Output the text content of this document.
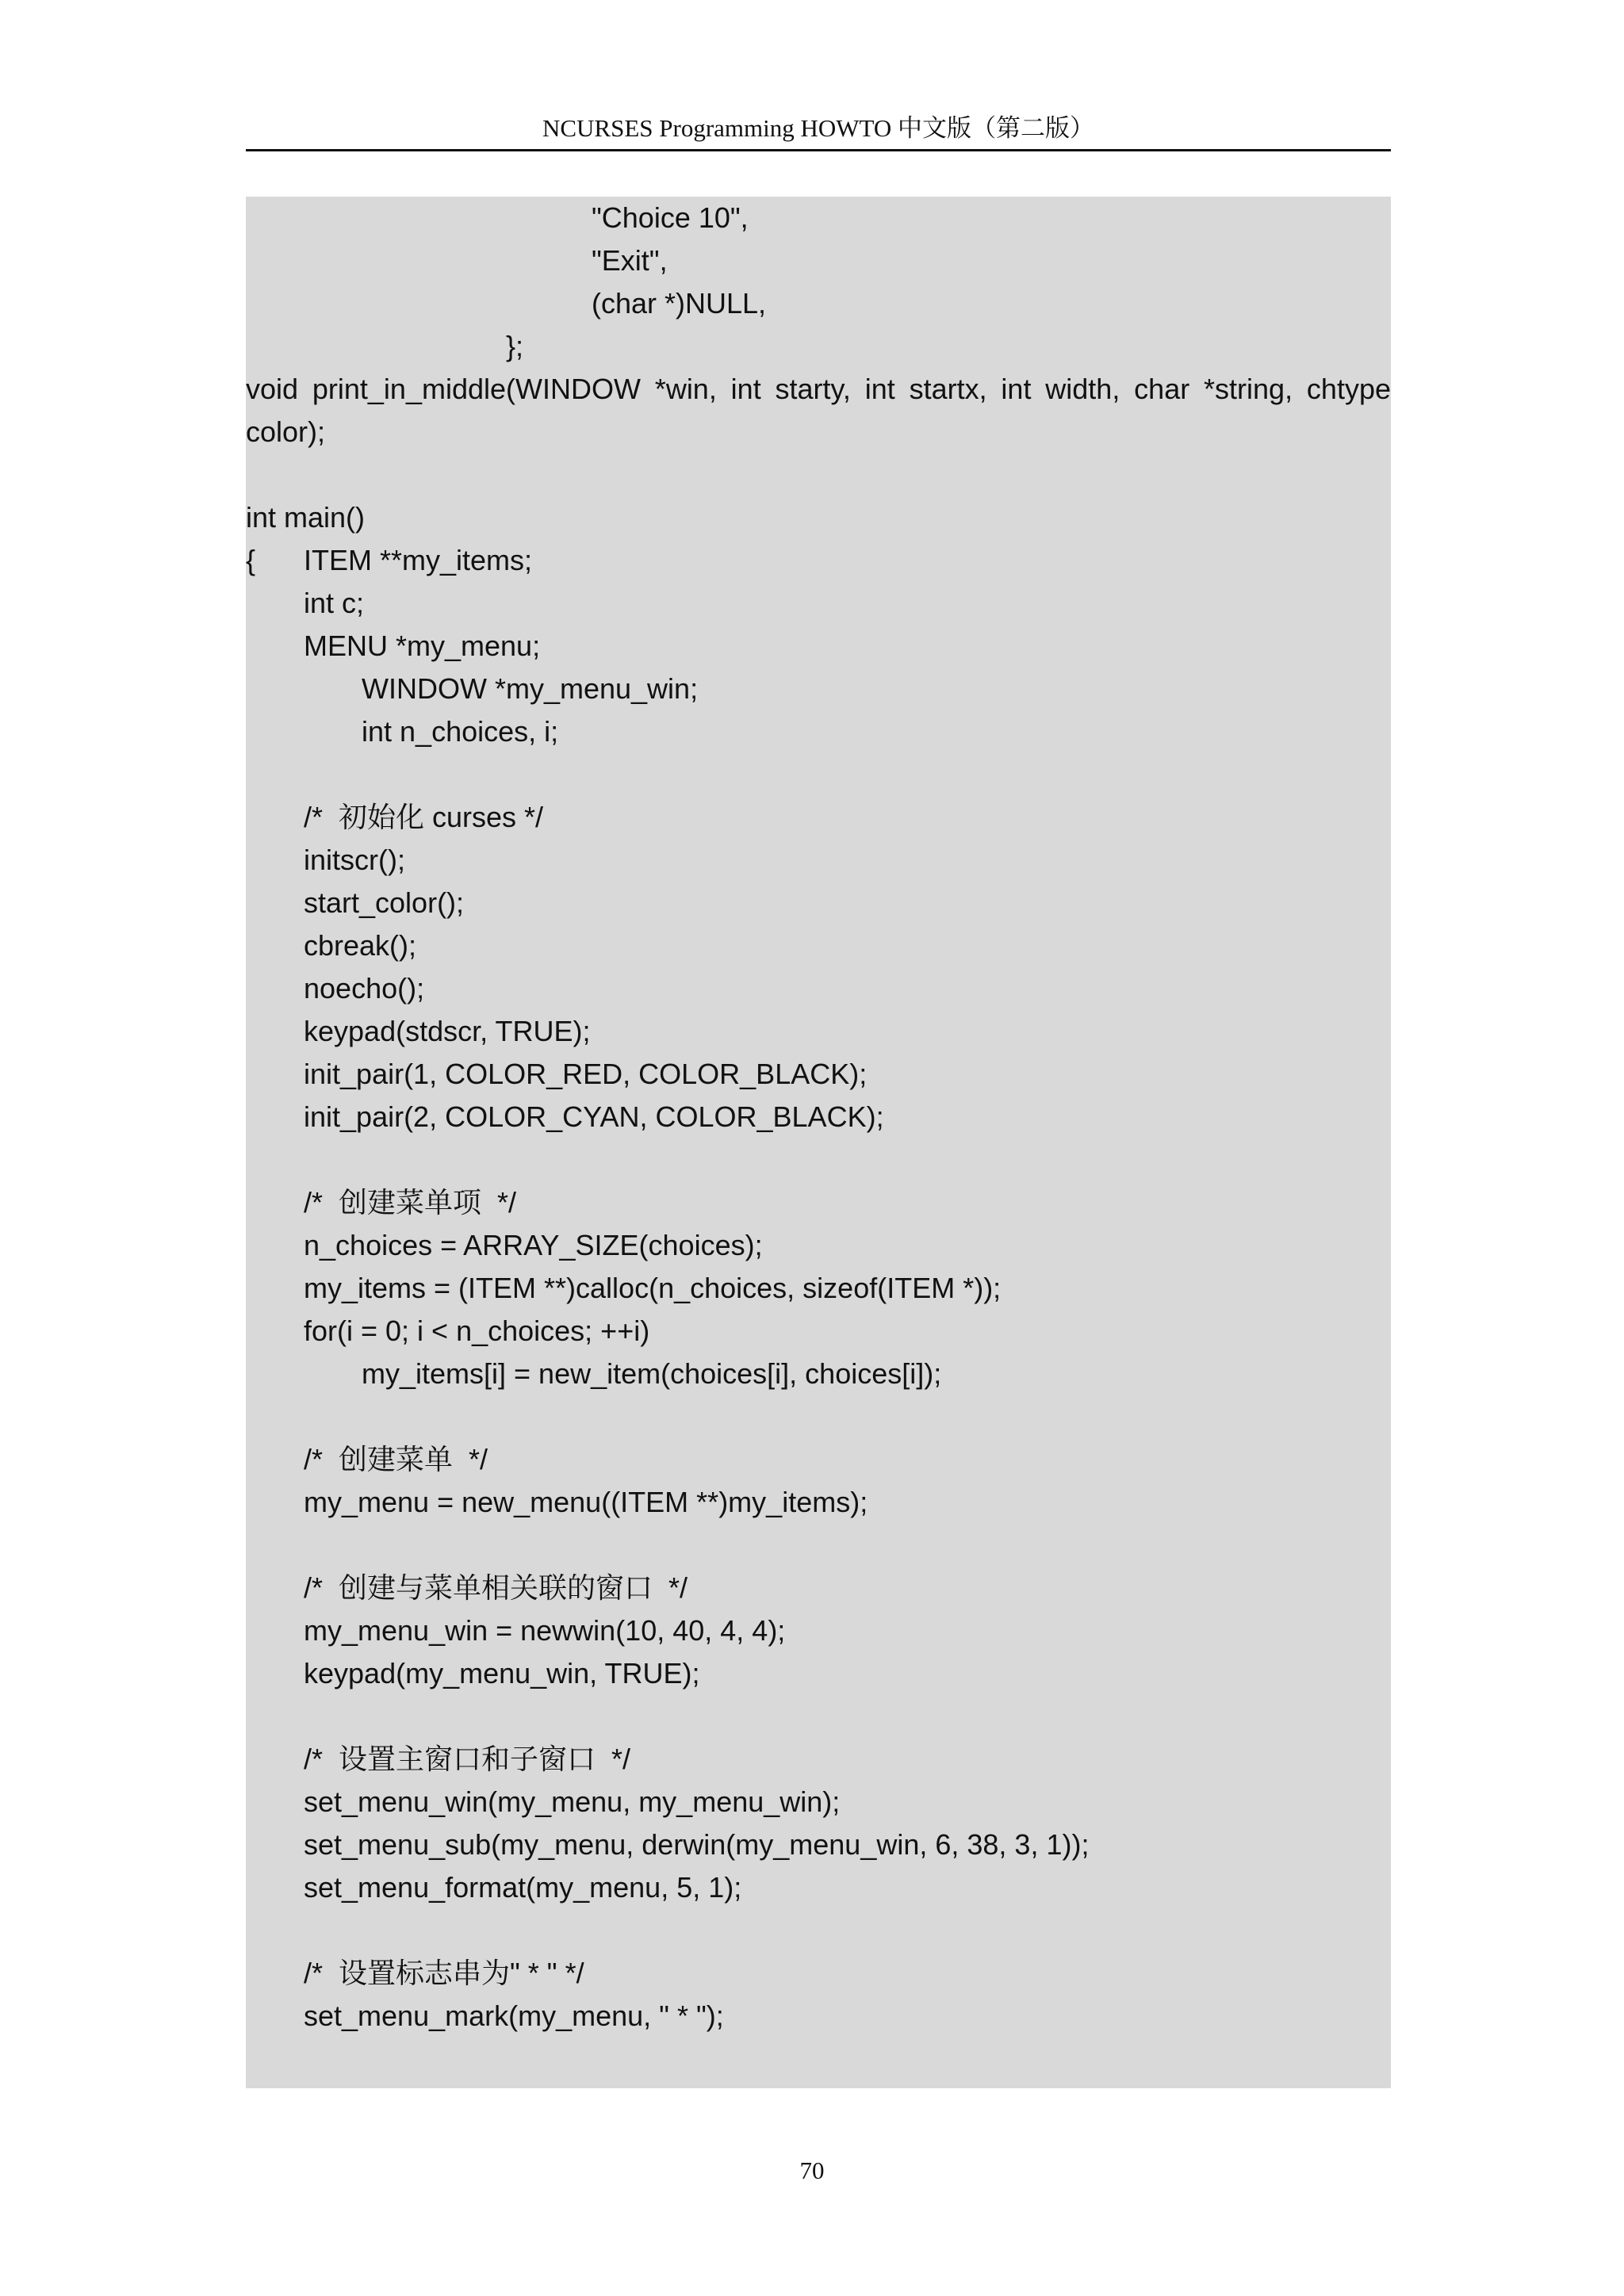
NCURSES Programming HOWTO 中文版（第二版）
"Choice 10",
"Exit",
(char *)NULL,
};
void print_in_middle(WINDOW *win, int starty, int startx, int width, char *string, chtype
color);
int main()
{ ITEM **my_items;
int c;
MENU *my_menu;
WINDOW *my_menu_win;
int n_choices, i;
/*  初始化 curses */
initscr();
start_color();
cbreak();
noecho();
keypad(stdscr, TRUE);
init_pair(1, COLOR_RED, COLOR_BLACK);
init_pair(2, COLOR_CYAN, COLOR_BLACK);
/*  创建菜单项  */
n_choices = ARRAY_SIZE(choices);
my_items = (ITEM **)calloc(n_choices, sizeof(ITEM *));
for(i = 0; i < n_choices; ++i)
my_items[i] = new_item(choices[i], choices[i]);
/*  创建菜单  */
my_menu = new_menu((ITEM **)my_items);
/*  创建与菜单相关联的窗口  */
my_menu_win = newwin(10, 40, 4, 4);
keypad(my_menu_win, TRUE);
/*  设置主窗口和子窗口  */
set_menu_win(my_menu, my_menu_win);
set_menu_sub(my_menu, derwin(my_menu_win, 6, 38, 3, 1));
set_menu_format(my_menu, 5, 1);
/*  设置标志串为" * " */
set_menu_mark(my_menu, " * ");
70
